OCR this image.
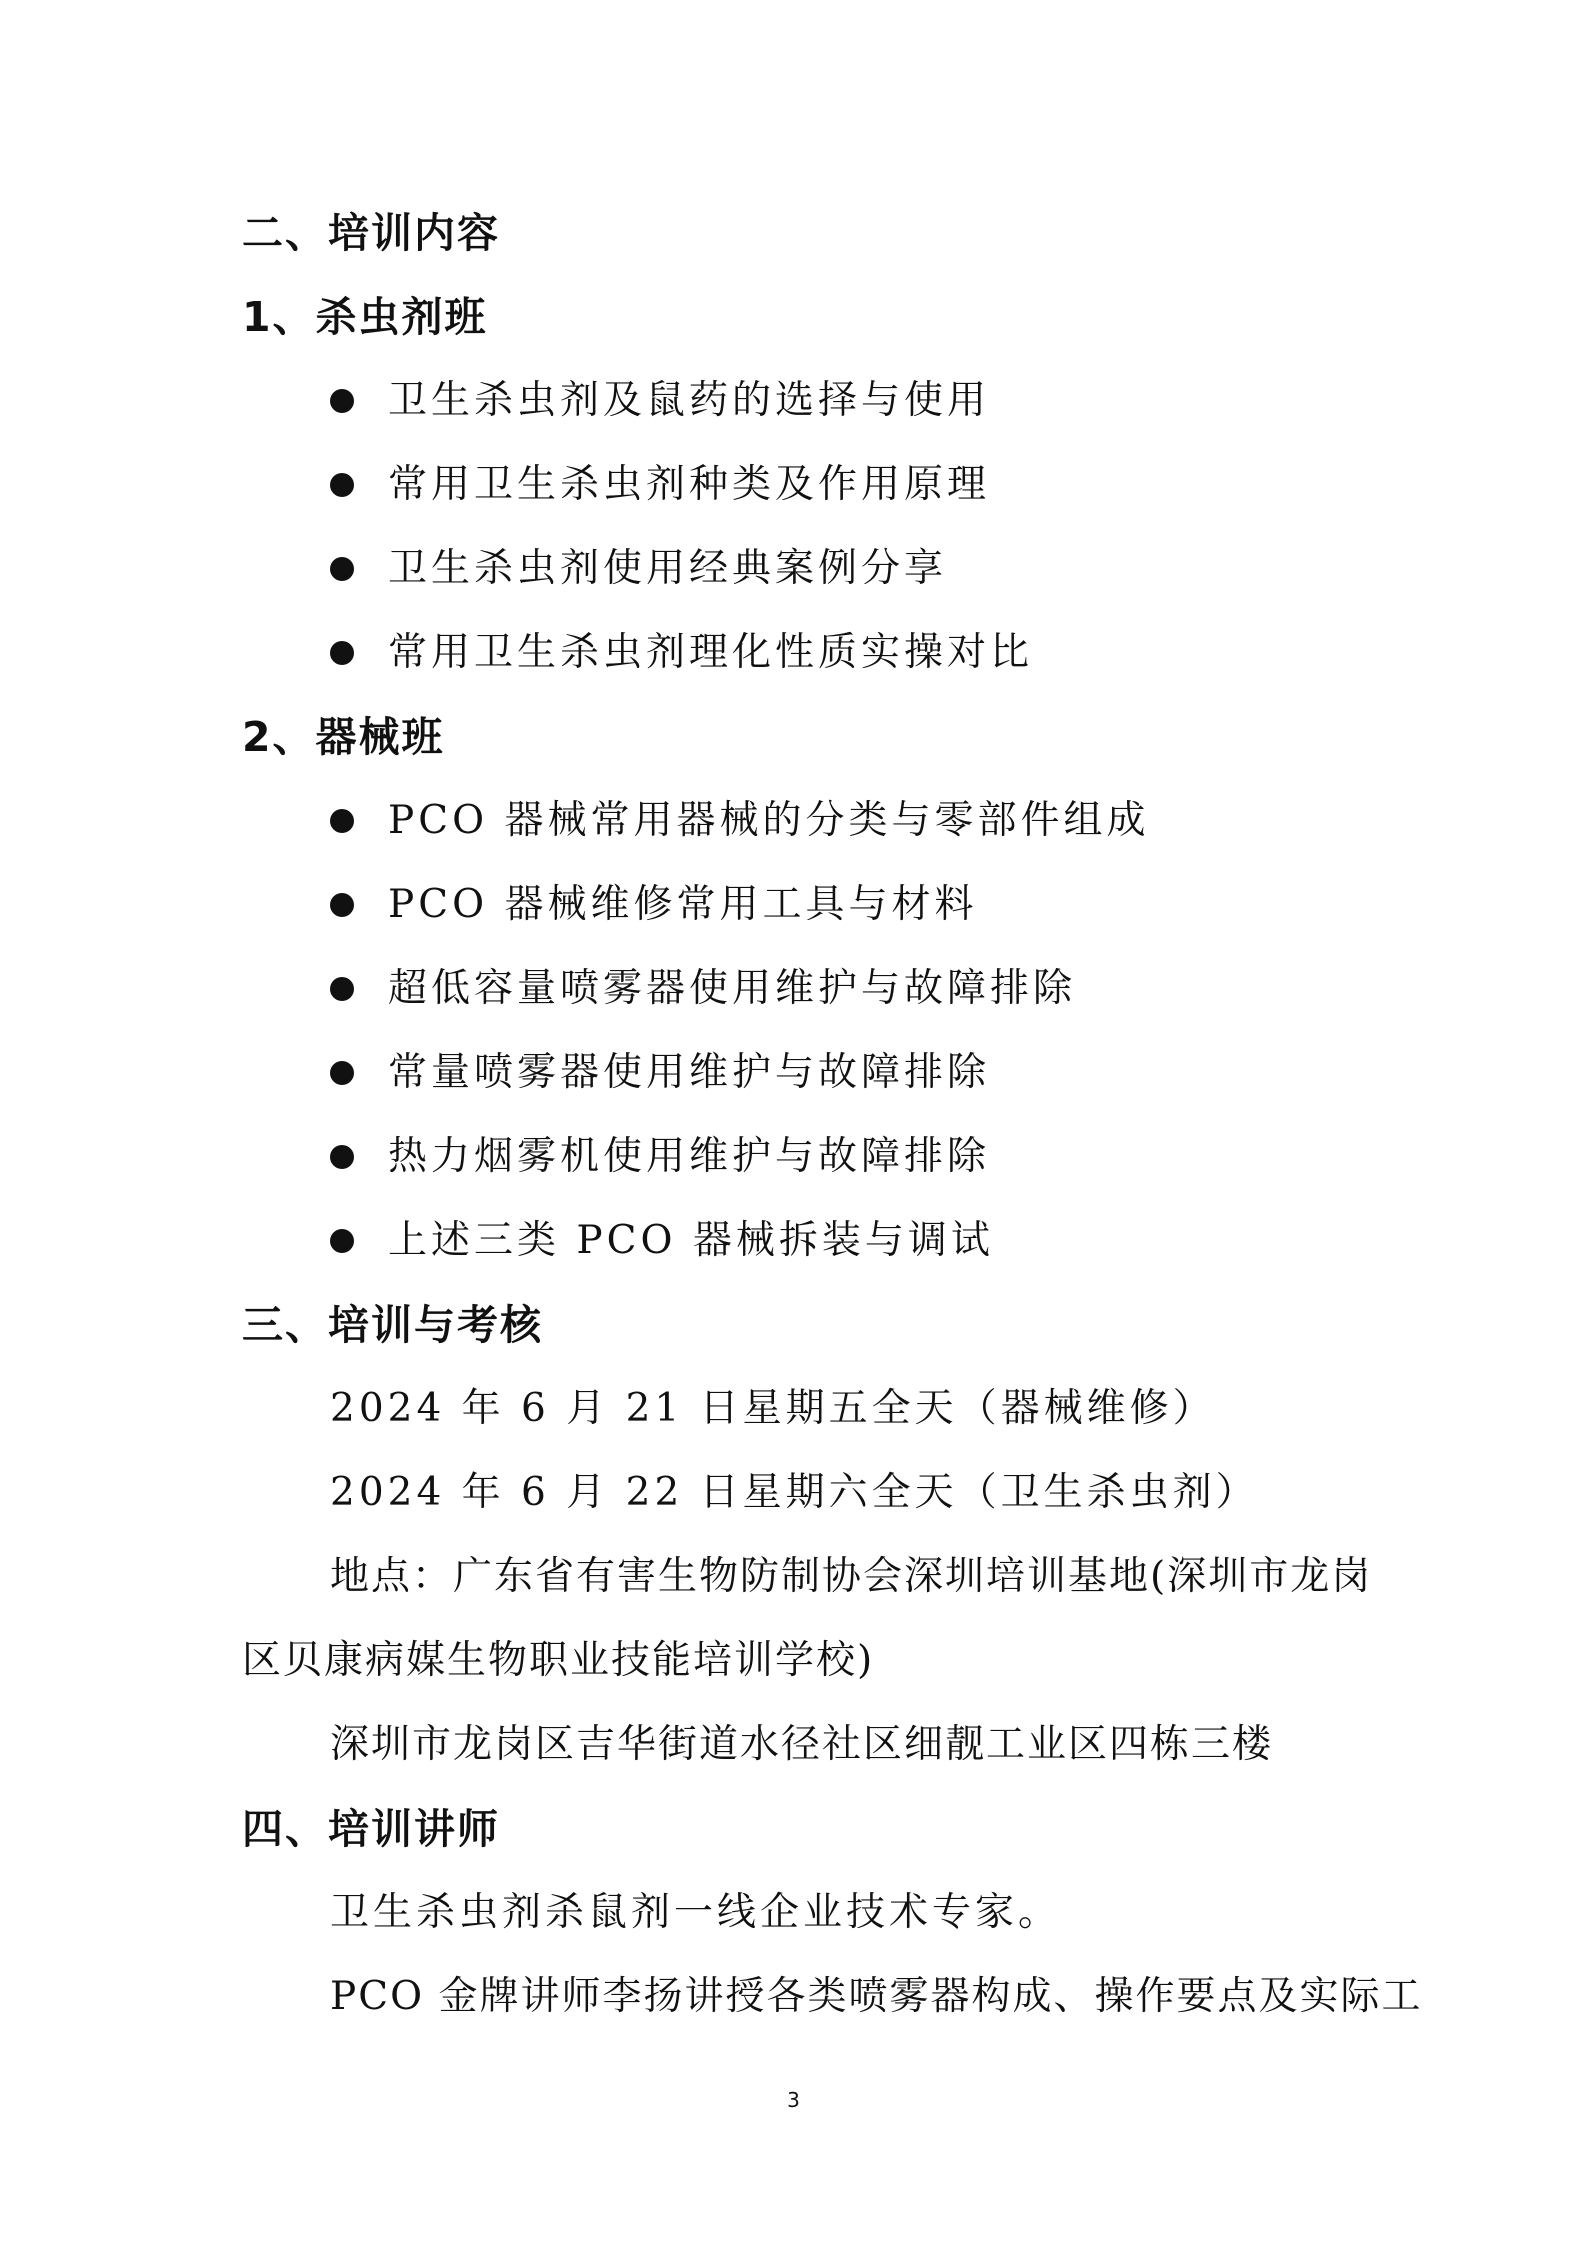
二、培训内容
1、杀虫剂班
卫生杀虫剂及鼠药的选择与使用
常用卫生杀虫剂种类及作用原理
卫生杀虫剂使用经典案例分享
常用卫生杀虫剂理化性质实操对比
2、器械班
PCO 器械常用器械的分类与零部件组成
PCO 器械维修常用工具与材料
超低容量喷雾器使用维护与故障排除
常量喷雾器使用维护与故障排除
热力烟雾机使用维护与故障排除
上述三类 PCO 器械拆装与调试
三、培训与考核
2024 年 6 月 21 日星期五全天（器械维修）
2024 年 6 月 22 日星期六全天（卫生杀虫剂）
地点：广东省有害生物防制协会深圳培训基地(深圳市龙岗
区贝康病媒生物职业技能培训学校)
深圳市龙岗区吉华街道水径社区细靓工业区四栋三楼
四、培训讲师
卫生杀虫剂杀鼠剂一线企业技术专家。
PCO 金牌讲师李扬讲授各类喷雾器构成、操作要点及实际工
3
